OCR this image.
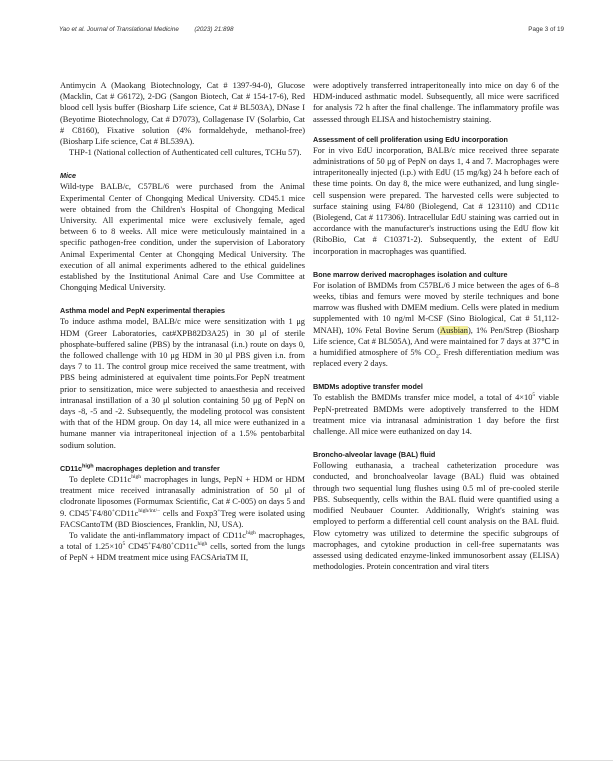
Yao et al. Journal of Translational Medicine (2023) 21:898	Page 3 of 19

Antimycin A (Maokang Biotechnology, Cat # 1397-94-0), Glucose (Macklin, Cat # G6172), 2-DG (Sangon Biotech, Cat # 154-17-6), Red blood cell lysis buffer (Biosharp Life science, Cat # BL503A), DNase I (Beyotime Biotechnology, Cat # D7073), Collagenase IV (Solarbio, Cat # C8160), Fixative solution (4% formaldehyde, methanol-free) (Biosharp Life science, Cat # BL539A).

THP-1 (National collection of Authenticated cell cultures, TCHu 57).

Mice

Wild-type BALB/c, C57BL/6 were purchased from the Animal Experimental Center of Chongqing Medical University. CD45.1 mice were obtained from the Children's Hospital of Chongqing Medical University. All experimental mice were exclusively female, aged between 6 to 8 weeks. All mice were meticulously maintained in a specific pathogen-free condition, under the supervision of Laboratory Animal Experimental Center at Chongqing Medical University. The execution of all animal experiments adhered to the ethical guidelines established by the Institutional Animal Care and Use Committee at Chongqing Medical University.

Asthma model and PepN experimental therapies

To induce asthma model, BALB/c mice were sensitization with 1 μg HDM (Greer Laboratories, cat#XPB82D3A25) in 30 μl of sterile phosphate-buffered saline (PBS) by the intranasal (i.n.) route on days 0, the followed challenge with 10 μg HDM in 30 μl PBS given i.n. from days 7 to 11. The control group mice received the same treatment, with PBS being administered at equivalent time points.For PepN treatment prior to sensitization, mice were subjected to anaesthesia and received intranasal instillation of a 30 μl solution containing 50 μg of PepN on days -8, -5 and -2. Subsequently, the modeling protocol was consistent with that of the HDM group. On day 14, all mice were euthanized in a humane manner via intraperitoneal injection of a 1.5% pentobarbital sodium solution.

$CD11c^{high}$ macrophages depletion and transfer

To deplete $CD11c^{high}$ macrophages in lungs, PepN + HDM or HDM treatment mice received intranasally administration of 50 μl of clodronate liposomes (Formumax Scientific, Cat # C-005) on days 5 and 9. $CD45^+F4/80^+CD11c^{high/int/-}$ cells and Foxp3+Treg were isolated using FACSCantoTM (BD Biosciences, Franklin, NJ, USA).

To validate the anti-inflammatory impact of $CD11c^{high}$ macrophages, a total of $1.25\times 10^5$ $CD45^+F4/80^+CD11c^{high}$ cells, sorted from the lungs of PepN + HDM treatment mice using FACSAriaTM II,

were adoptively transferred intraperitoneally into mice on day 6 of the HDM-induced asthmatic model. Subsequently, all mice were sacrificed for analysis 72 h after the final challenge. The inflammatory profile was assessed through ELISA and histochemistry staining.

Assessment of cell proliferation using EdU incorporation

For in vivo EdU incorporation, BALB/c mice received three separate administrations of 50 μg of PepN on days 1, 4 and 7. Macrophages were intraperitoneally injected (i.p.) with EdU (15 mg/kg) 24 h before each of these time points. On day 8, the mice were euthanized, and lung single-cell suspension were prepared. The harvested cells were subjected to surface staining using F4/80 (Biolegend, Cat # 123110) and CD11c (Biolegend, Cat # 117306). Intracellular EdU staining was carried out in accordance with the manufacturer's instructions using the EdU flow kit (RiboBio, Cat # C10371-2). Subsequently, the extent of EdU incorporation in macrophages was quantified.

Bone marrow derived macrophages isolation and culture

For isolation of BMDMs from C57BL/6 J mice between the ages of 6–8 weeks, tibias and femurs were moved by sterile techniques and bone marrow was flushed with DMEM medium. Cells were plated in medium supplemented with 10 ng/ml M-CSF (Sino Biological, Cat # 51,112-MNAH), 10% Fetal Bovine Serum (Ausbian), 1% Pen/Strep (Biosharp Life science, Cat # BL505A), And were maintained for 7 days at 37℃ in a humidified atmosphere of 5% $CO_2$. Fresh differentiation medium was replaced every 2 days.

BMDMs adoptive transfer model

To establish the BMDMs transfer mice model, a total of $4\times 10^5$ viable PepN-pretreated BMDMs were adoptively transferred to the HDM treatment mice via intranasal administration 1 day before the first challenge. All mice were euthanized on day 14.

Broncho-alveolar lavage (BAL) fluid

Following euthanasia, a tracheal catheterization procedure was conducted, and bronchoalveolar lavage (BAL) fluid was obtained through two sequential lung flushes using 0.5 ml of pre-cooled sterile PBS. Subsequently, cells within the BAL fluid were quantified using a modified Neubauer Counter. Additionally, Wright's staining was employed to perform a differential cell count analysis on the BAL fluid. Flow cytometry was utilized to determine the specific subgroups of macrophages, and cytokine production in cell-free supernatants was assessed using dedicated enzyme-linked immunosorbent assay (ELISA) methodologies. Protein concentration and viral titers
